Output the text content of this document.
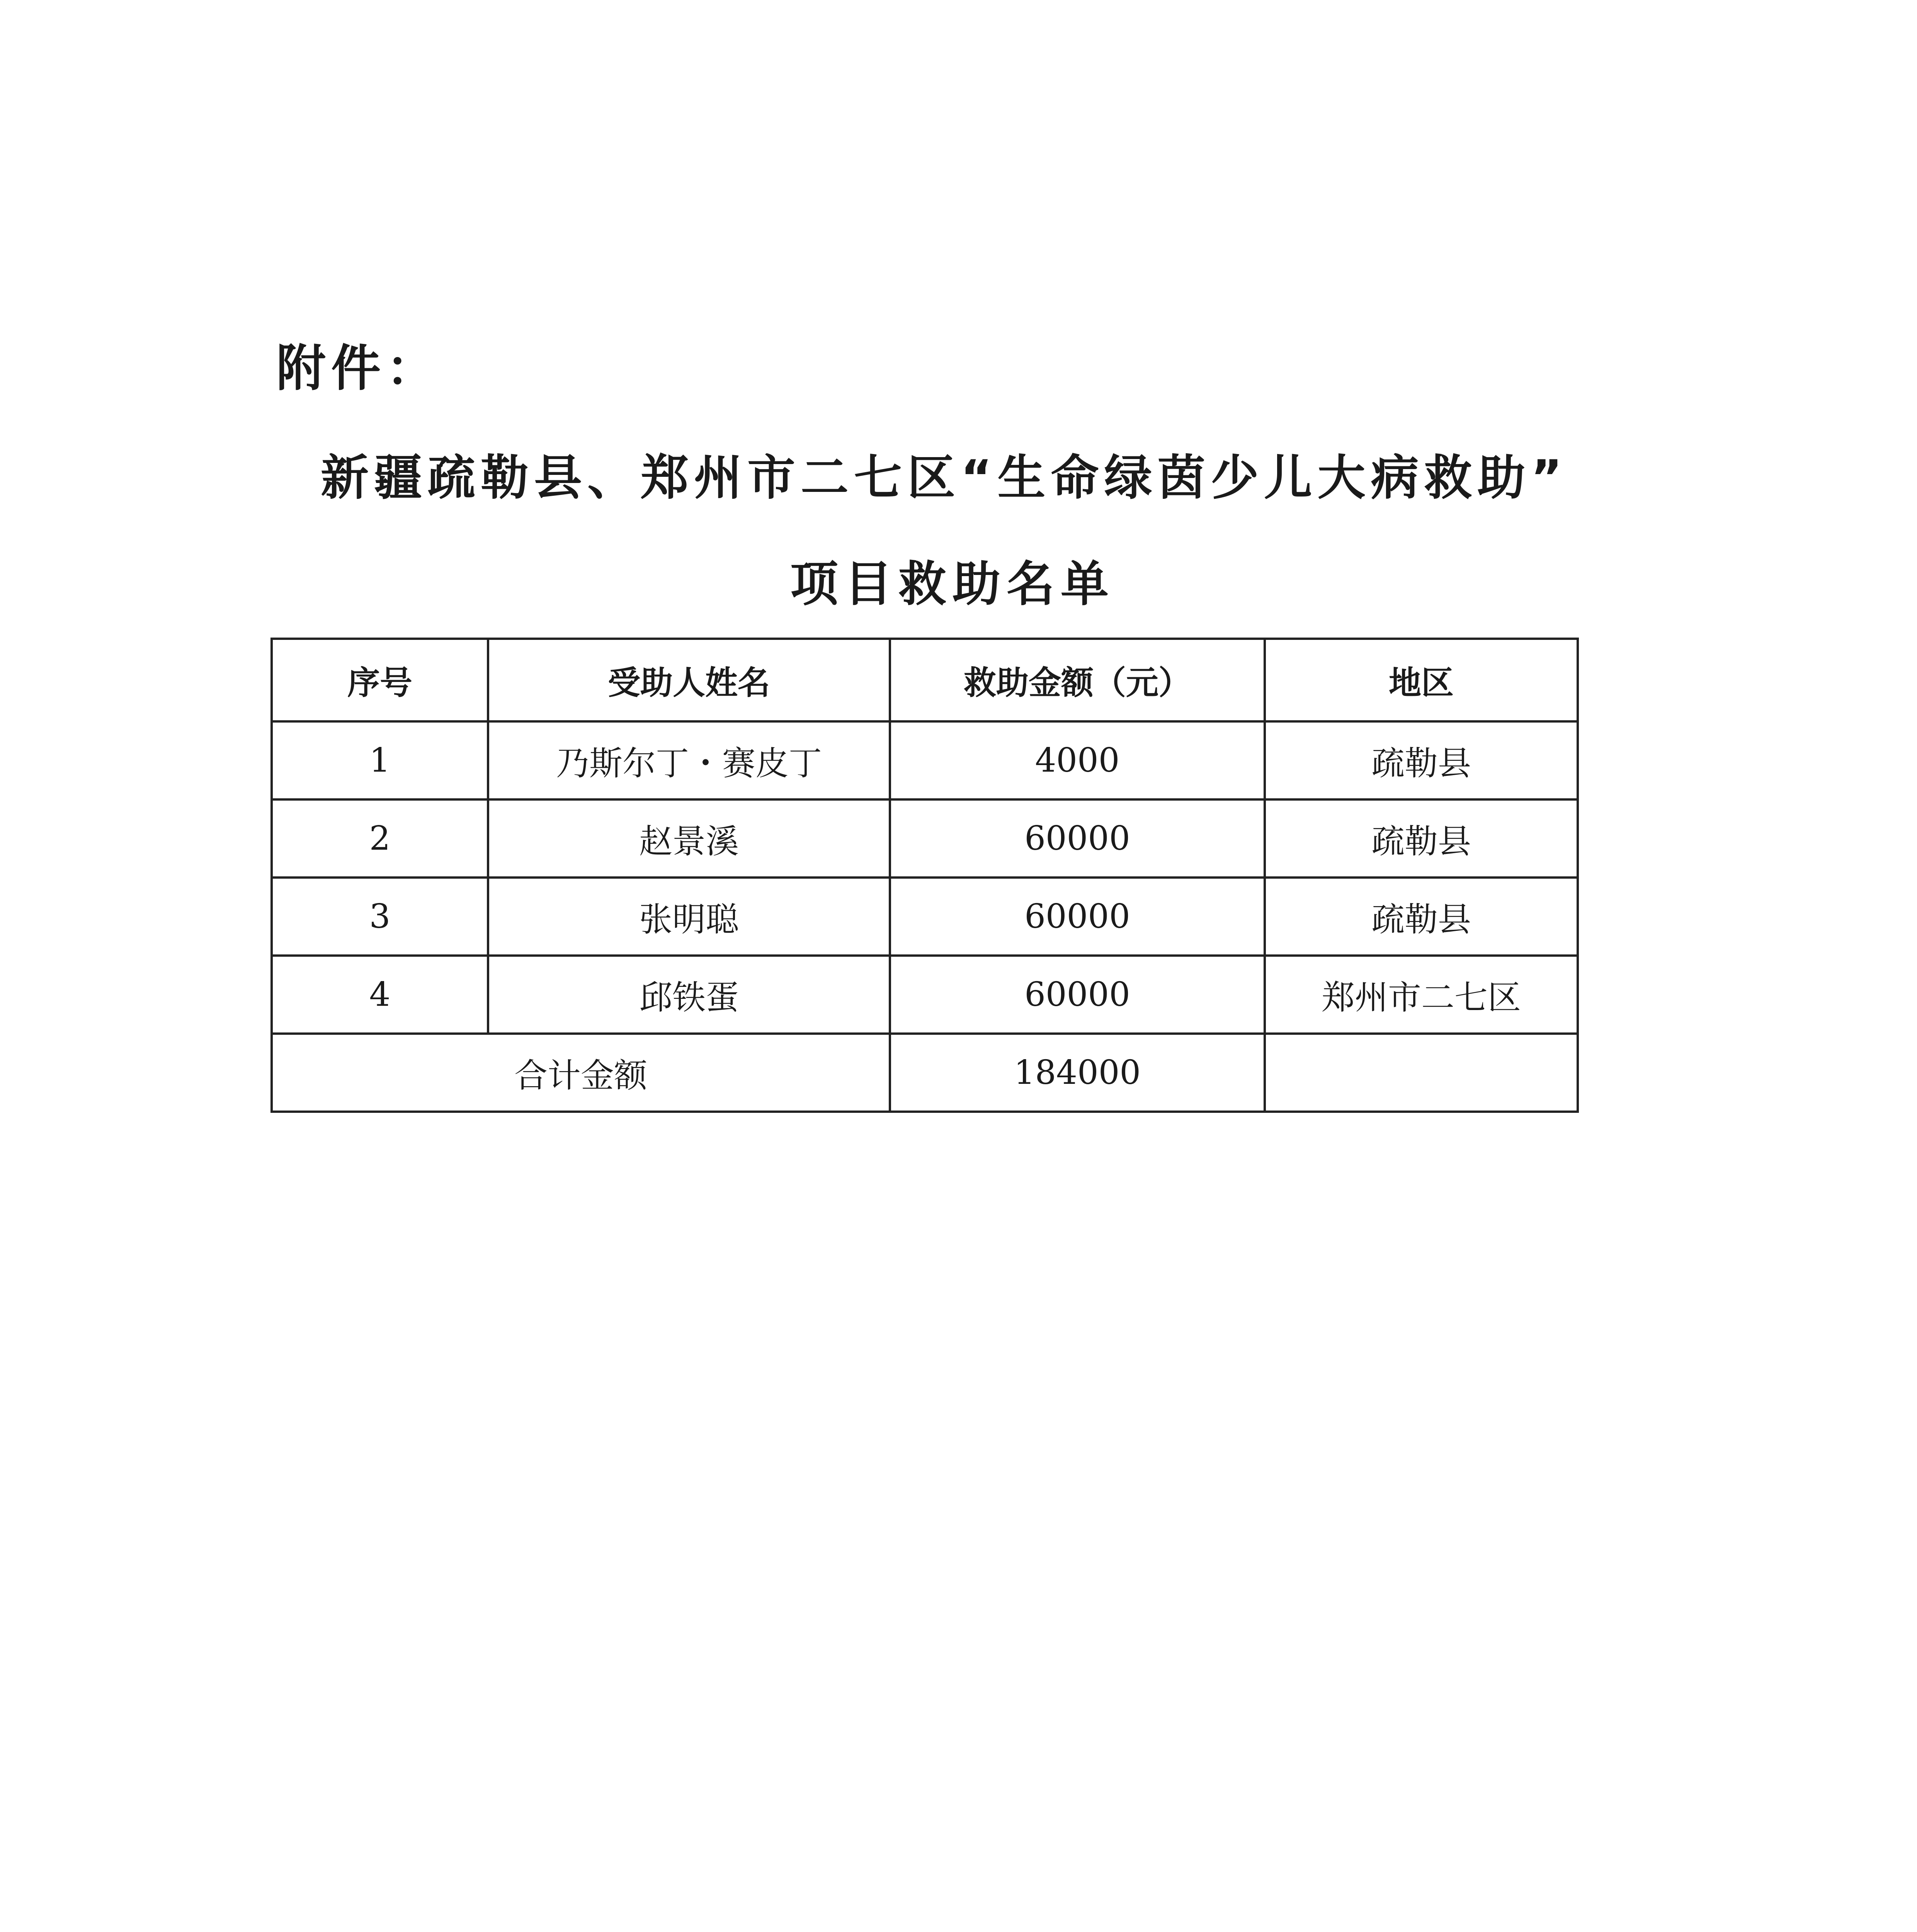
附件：
新疆疏勒县、郑州市二七区“生命绿茵少儿大病救助”
项目救助名单
序号	受助人姓名	救助金额（元）	地区
1	乃斯尔丁・赛皮丁	4000	疏勒县
2	赵景溪	60000	疏勒县
3	张明聪	60000	疏勒县
4	邱铁蛋	60000	郑州市二七区
合计金额		184000	
